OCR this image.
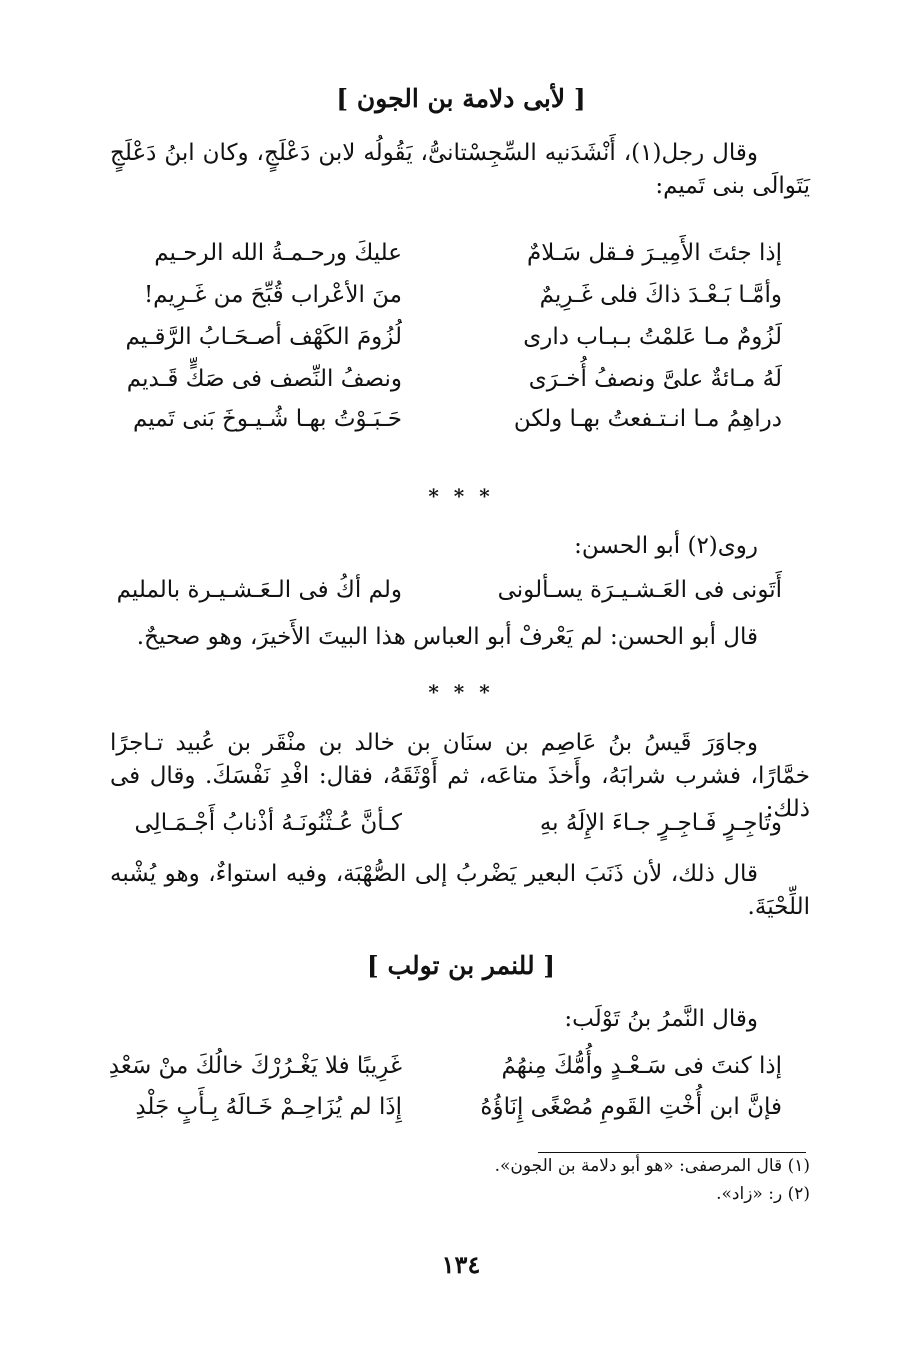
[ لأبى دلامة بن الجون ]
وقال رجل(١)، أَنْشَدَنيه السِّجِسْتانىُّ، يَقُولُه لابن دَعْلَجٍ، وكان ابنُ دَعْلَجٍ يَتَوالَى بنى تَميم:
إذا جئتَ الأَمِيـرَ فـقل سَـلامٌ
عليكَ ورحـمـةُ الله الرحـيم
وأمَّـا بَـعْـدَ ذاكَ فلى غَـرِيمٌ
منَ الأعْراب قُبِّحَ من غَـرِيم!
لَزُومٌ مـا عَلمْتُ بـبـاب دارى
لُزُومَ الكَهْف أصـحَـابُ الرَّقـيم
لَهُ مـائةٌ علىَّ ونصفُ أُخـرَى
ونصفُ النِّصف فى صَكٍّ قَـديم
دراهِمُ مـا انـتـفعتُ بهـا ولكن
حَـبَـوْتُ بهـا شُـيـوخَ بَنى تَميم
* * *
روى(٢) أبو الحسن:
أَتَونى فى العَـشـيـرَة يسـألونى
ولم أكُ فى الـعَـشـيـرة بالمليم
قال أبو الحسن: لم يَعْرفْ أبو العباس هذا البيتَ الأَخيرَ، وهو صحيحٌ.
* * *
وجاوَرَ قَيسُ بنُ عَاصِم بن سنَان بن خالد بن منْقَر بن عُبيد تـاجرًا خمَّارًا، فشرب شرابَهُ، وأَخذَ متاعَه، ثم أَوْثَقَهُ، فقال: افْدِ نَفْسَكَ. وقال فى ذلك:
وتَاجِـرٍ فَـاجِـرٍ جـاءَ الإِلَهُ بهِ
كـأنَّ عُـثْنُونَـهُ أذْنابُ أَجْـمَـالِى
قال ذلك، لأن ذَنَبَ البعير يَضْربُ إلى الصُّهْبَة، وفيه استواءٌ، وهو يُشْبه اللِّحْيَةَ.
[ للنمر بن تولب ]
وقال النَّمرُ بنُ تَوْلَب:
إذا كنتَ فى سَـعْـدٍ وأُمُّكَ مِنهُمُ
غَرِيبًا فلا يَغْـرُرْكَ خالُكَ منْ سَعْدِ
فإنَّ ابن أُخْتِ القَومِ مُصْغًى إِنَاؤُهُ
إِذَا لم يُزَاحِـمْ خَـالَهُ بِـأَبٍ جَلْدِ
(١) قال المرصفى: «هو أبو دلامة بن الجون».
(٢) ر: «زاد».
١٣٤
